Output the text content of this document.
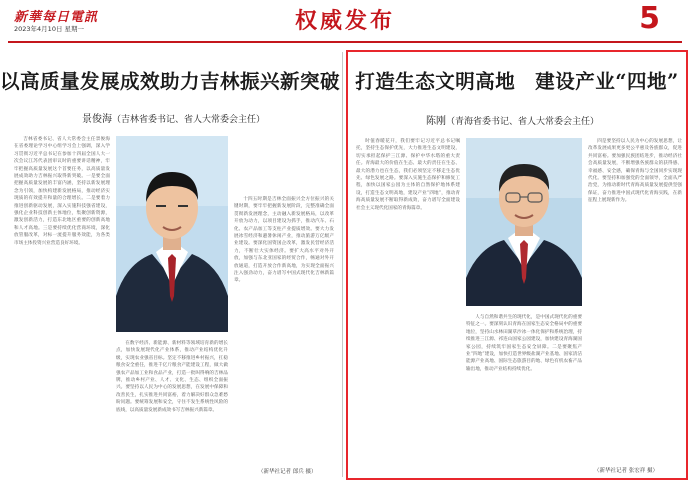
新華每日電訊
2023年4月10日 星期一	权威发布	5
以高质量发展成效助力吉林振兴新突破
景俊海（吉林省委书记、省人大常委会主任）

吉林省委书记、省人大常委会主任景俊海在省委理论学习中心组学习会上强调，深入学习贯彻习近平总书记在参加十四届全国人大一次会议江苏代表团审议时的重要讲话精神，牢牢把握高质量发展这个首要任务，以高质量发展成效助力吉林振兴取得新突破。一是要全面把握高质量发展的丰富内涵，坚持以新发展理念为引领，加快构建新发展格局，推动经济实现质的有效提升和量的合理增长。二是要着力推进创新驱动发展，深入实施科技强省建设，强化企业科技创新主体地位，集聚创新资源，激发创新活力，打造东北地区重要的创新高地和人才高地。三是要持续优化营商环境，深化放管服改革，对标一流提升服务效能，为各类市场主体投资兴业营造良好环境。

在数字经济、新能源、新材料等领域培育新的增长点，加快发展现代化产业体系，推动产业结构优化升级，实现农业强省目标。坚定不移推进乡村振兴，扛稳粮食安全重任，推进千亿斤粮食产能建设工程，做大做强农产品加工业和食品产业，打造一批叫得响的吉林品牌，推动乡村产业、人才、文化、生态、组织全面振兴。要坚持以人民为中心的发展思想，在发展中保障和改善民生，扎实推进共同富裕，着力解决好群众急难愁盼问题。要统筹发展和安全，守住不发生系统性风险的底线，以高质量发展新成效书写吉林振兴新篇章。

十四五时期是吉林全面振兴全方位振兴的关键时期，要牢牢把握新发展阶段，完整准确全面贯彻新发展理念，主动融入新发展格局，以改革开放为动力，以项目建设为抓手，推动汽车、石化、农产品加工等支柱产业提质增效。要大力发展冰雪经济和避暑休闲产业，推动旅游万亿级产业建设。要深化国资国企改革，激发民营经济活力，不断壮大实体经济。要扩大高水平对外开放，加强与东北亚国家的经贸合作，畅通对外开放通道，打造开放合作新高地，为实现全面振兴注入强劲动力，奋力谱写中国式现代化吉林新篇章。

（新华社记者 郎兵 摄）
打造生态文明高地　建设产业“四地”
陈刚（青海省委书记、省人大常委会主任）

时值春暖花开，我们要牢记习近平总书记嘱托，坚持生态保护优先，大力推进生态文明建设，切实承担起保护三江源、保护中华水塔的重大责任。青海最大的价值在生态、最大的责任在生态、最大的潜力也在生态，我们必须坚定不移走生态优先、绿色发展之路。要深入实施生态保护和修复工程，加快以国家公园为主体的自然保护地体系建设，打造生态文明高地，建设产业“四地”，推动青海高质量发展不断取得新成效，奋力谱写全面建设社会主义现代化国家的青海篇章。

人与自然和谐共生的现代化，是中国式现代化的重要特征之一。要深刻认识青海在国家生态安全格局中的重要地位，坚持山水林田湖草沙冰一体化保护和系统治理，持续推进三江源、祁连山国家公园建设，加快建设青海湖国家公园，持续筑牢国家生态安全屏障。二是要聚焦产业“四地”建设，加快打造世界级盐湖产业基地、国家清洁能源产业高地、国际生态旅游目的地、绿色有机农畜产品输出地，推动产业结构持续优化。

四是要坚持以人民为中心的发展思想，让改革发展成果更多更公平惠及各族群众，促进共同富裕。要加强民族团结进步，推动经济社会高质量发展，不断增强各族群众的获得感、幸福感、安全感，确保青海与全国同步实现现代化。要坚持和加强党的全面领导，全面从严治党，为推动新时代青海高质量发展提供坚强保证，奋力推进中国式现代化青海实践，在新征程上展现新作为。

（新华社记者 张宏祥 摄）
